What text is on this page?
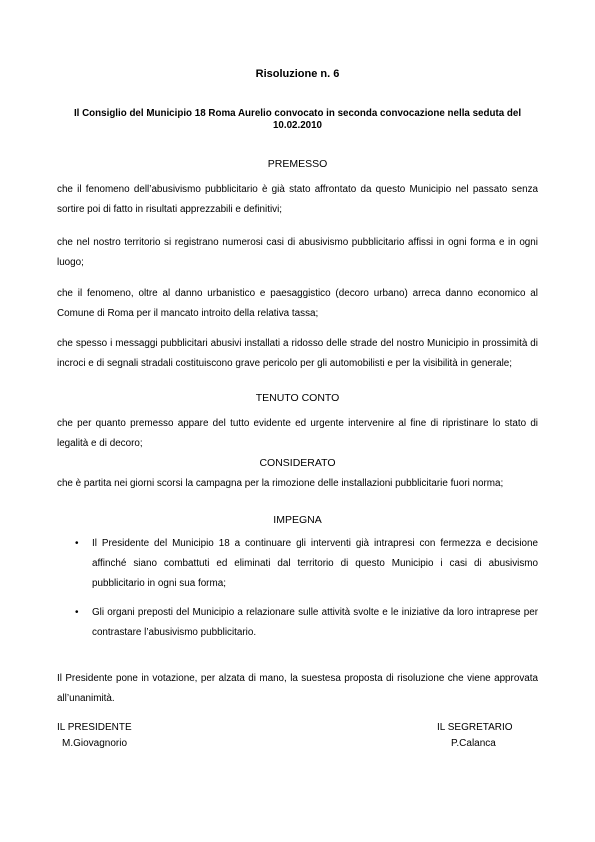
Risoluzione n. 6
Il Consiglio del Municipio 18 Roma Aurelio convocato in seconda convocazione nella seduta del 10.02.2010
PREMESSO
che il fenomeno dell’abusivismo pubblicitario è già stato affrontato da questo Municipio nel passato senza sortire poi di fatto in risultati apprezzabili e definitivi;
che nel nostro territorio si registrano numerosi casi di abusivismo pubblicitario affissi in ogni forma e in ogni luogo;
che il fenomeno, oltre al danno urbanistico e paesaggistico (decoro urbano) arreca danno economico al Comune di Roma per il mancato introito della relativa tassa;
che spesso i messaggi pubblicitari abusivi installati a ridosso delle strade del nostro Municipio in prossimità di incroci e di segnali stradali costituiscono grave pericolo per gli automobilisti e per la visibilità in generale;
TENUTO CONTO
che per quanto premesso appare del tutto evidente ed urgente intervenire al fine di ripristinare lo stato di legalità e di decoro;
CONSIDERATO
che è partita nei giorni scorsi la campagna per la rimozione delle installazioni pubblicitarie fuori norma;
IMPEGNA
•	Il Presidente del Municipio 18 a continuare gli interventi già intrapresi con fermezza e decisione affinché siano combattuti ed eliminati dal territorio di questo Municipio i casi di abusivismo pubblicitario in ogni sua forma;
•	Gli organi preposti del Municipio a relazionare sulle attività svolte e le iniziative da loro intraprese per contrastare l’abusivismo pubblicitario.
Il Presidente pone in votazione, per alzata di mano, la suestesa proposta di risoluzione che viene approvata all’unanimità.
IL PRESIDENTE
M.Giovagnorio
IL SEGRETARIO
P.Calanca
